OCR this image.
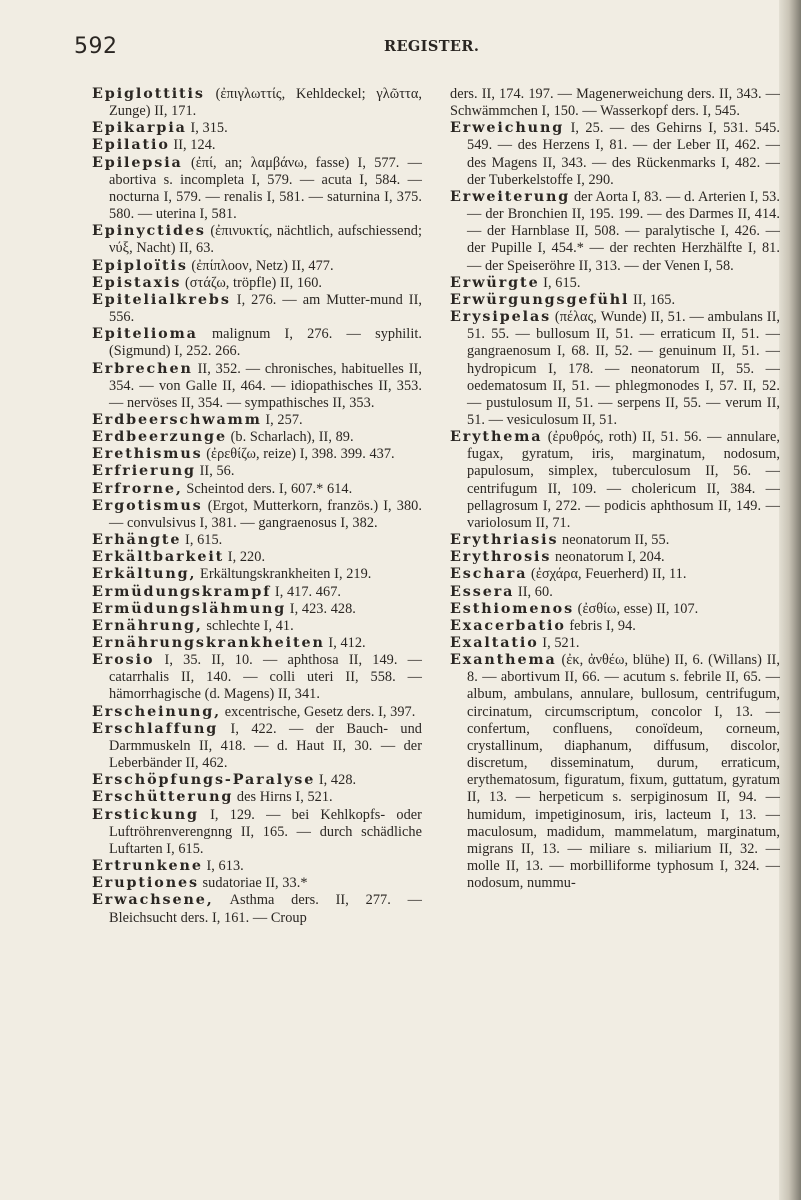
592	REGISTER.

Epiglottitis (ἐπιγλωττίς, Kehldeckel; γλῶττα, Zunge) II, 171.

Epikarpia I, 315.

Epilatio II, 124.

Epilepsia (ἐπί, an; λαμβάνω, fasse) I, 577. — abortiva s. incompleta I, 579. — acuta I, 584. — nocturna I, 579. — renalis I, 581. — saturnina I, 375. 580. — uterina I, 581.

Epinyctides (ἐπινυκτίς, nächtlich, aufschiessend; νύξ, Nacht) II, 63.

Epiploïtis (ἐπίπλοον, Netz) II, 477.

Epistaxis (στάζω, tröpfle) II, 160.

Epitelialkrebs I, 276. — am Mutter-mund II, 556.

Epitelioma malignum I, 276. — syphilit. (Sigmund) I, 252. 266.

Erbrechen II, 352. — chronisches, habituelles II, 354. — von Galle II, 464. — idiopathisches II, 353. — nervöses II, 354. — sympathisches II, 353.

Erdbeerschwamm I, 257.

Erdbeerzunge (b. Scharlach), II, 89.

Erethismus (ἐρεθίζω, reize) I, 398. 399. 437.

Erfrierung II, 56.

Erfrorne, Scheintod ders. I, 607.* 614.

Ergotismus (Ergot, Mutterkorn, französ.) I, 380. — convulsivus I, 381. — gangraenosus I, 382.

Erhängte I, 615.

Erkältbarkeit I, 220.

Erkältung, Erkältungskrankheiten I, 219.

Ermüdungskrampf I, 417. 467.

Ermüdungslähmung I, 423. 428.

Ernährung, schlechte I, 41.

Ernährungskrankheiten I, 412.

Erosio I, 35. II, 10. — aphthosa II, 149. — catarrhalis II, 140. — colli uteri II, 558. — hämorrhagische (d. Magens) II, 341.

Erscheinung, excentrische, Gesetz ders. I, 397.

Erschlaffung I, 422. — der Bauch- und Darmmuskeln II, 418. — d. Haut II, 30. — der Leberbänder II, 462.

Erschöpfungs-Paralyse I, 428.

Erschütterung des Hirns I, 521.

Erstickung I, 129. — bei Kehlkopfs- oder Luftröhrenverengnng II, 165. — durch schädliche Luftarten I, 615.

Ertrunkene I, 613.

Eruptiones sudatoriae II, 33.*

Erwachsene, Asthma ders. II, 277. — Bleichsucht ders. I, 161. — Croup

ders. II, 174. 197. — Magenerweichung ders. II, 343. — Schwämmchen I, 150. — Wasserkopf ders. I, 545.

Erweichung I, 25. — des Gehirns I, 531. 545. 549. — des Herzens I, 81. — der Leber II, 462. — des Magens II, 343. — des Rückenmarks I, 482. — der Tuberkelstoffe I, 290.

Erweiterung der Aorta I, 83. — d. Arterien I, 53. — der Bronchien II, 195. 199. — des Darmes II, 414. — der Harnblase II, 508. — paralytische I, 426. — der Pupille I, 454.* — der rechten Herzhälfte I, 81. — der Speiseröhre II, 313. — der Venen I, 58.

Erwürgte I, 615.

Erwürgungsgefühl II, 165.

Erysipelas (πέλας, Wunde) II, 51. — ambulans II, 51. 55. — bullosum II, 51. — erraticum II, 51. — gangraenosum I, 68. II, 52. — genuinum II, 51. — hydropicum I, 178. — neonatorum II, 55. — oedematosum II, 51. — phlegmonodes I, 57. II, 52. — pustulosum II, 51. — serpens II, 55. — verum II, 51. — vesiculosum II, 51.

Erythema (ἐρυθρός, roth) II, 51. 56. — annulare, fugax, gyratum, iris, marginatum, nodosum, papulosum, simplex, tuberculosum II, 56. — centrifugum II, 109. — cholericum II, 384. — pellagrosum I, 272. — podicis aphthosum II, 149. — variolosum II, 71.

Erythriasis neonatorum II, 55.

Erythrosis neonatorum I, 204.

Eschara (ἐσχάρα, Feuerherd) II, 11.

Essera II, 60.

Esthiomenos (ἐσθίω, esse) II, 107.

Exacerbatio febris I, 94.

Exaltatio I, 521.

Exanthema (ἐκ, ἀνθέω, blühe) II, 6. (Willans) II, 8. — abortivum II, 66. — acutum s. febrile II, 65. — album, ambulans, annulare, bullosum, centrifugum, circinatum, circumscriptum, concolor I, 13. — confertum, confluens, conoïdeum, corneum, crystallinum, diaphanum, diffusum, discolor, discretum, disseminatum, durum, erraticum, erythematosum, figuratum, fixum, guttatum, gyratum II, 13. — herpeticum s. serpiginosum II, 94. — humidum, impetiginosum, iris, lacteum I, 13. — maculosum, madidum, mammelatum, marginatum, migrans II, 13. — miliare s. miliarium II, 32. — molle II, 13. — morbilliforme typhosum I, 324. — nodosum, nummu-
